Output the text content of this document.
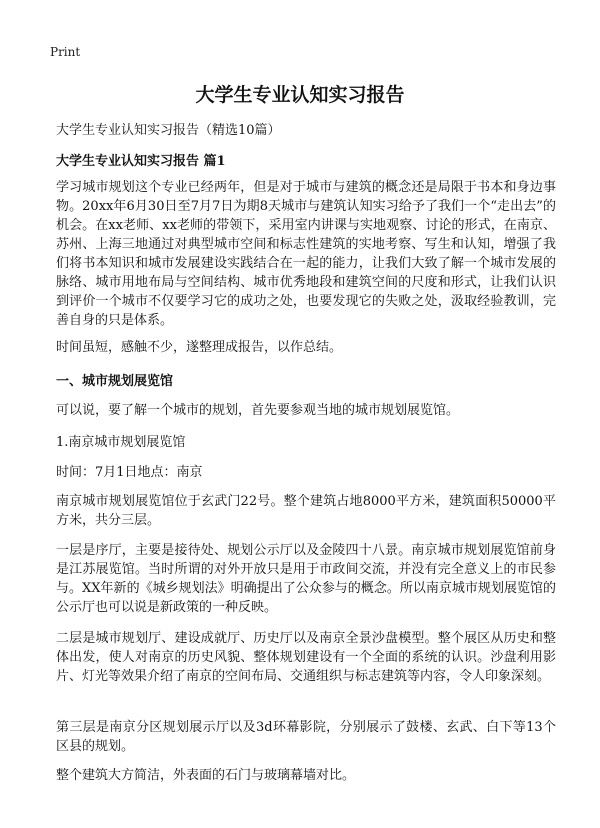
Print
大学生专业认知实习报告

大学生专业认知实习报告（精选10篇）

大学生专业认知实习报告 篇1

学习城市规划这个专业已经两年，但是对于城市与建筑的概念还是局限于书本和身边事物。20xx年6月30日至7月7日为期8天城市与建筑认知实习给予了我们一个“走出去”的机会。在xx老师、xx老师的带领下，采用室内讲课与实地观察、讨论的形式，在南京、苏州、上海三地通过对典型城市空间和标志性建筑的实地考察、写生和认知，增强了我们将书本知识和城市发展建设实践结合在一起的能力，让我们大致了解一个城市发展的脉络、城市用地布局与空间结构、城市优秀地段和建筑空间的尺度和形式，让我们认识到评价一个城市不仅要学习它的成功之处，也要发现它的失败之处，汲取经验教训，完善自身的只是体系。

时间虽短，感触不少，遂整理成报告，以作总结。

一、城市规划展览馆

可以说，要了解一个城市的规划，首先要参观当地的城市规划展览馆。

1.南京城市规划展览馆

时间：7月1日地点：南京

南京城市规划展览馆位于玄武门22号。整个建筑占地8000平方米，建筑面积50000平方米，共分三层。

一层是序厅，主要是接待处、规划公示厅以及金陵四十八景。南京城市规划展览馆前身是江苏展览馆。当时所谓的对外开放只是用于市政间交流，并没有完全意义上的市民参与。XX年新的《城乡规划法》明确提出了公众参与的概念。所以南京城市规划展览馆的公示厅也可以说是新政策的一种反映。

二层是城市规划厅、建设成就厅、历史厅以及南京全景沙盘模型。整个展区从历史和整体出发，使人对南京的历史风貌、整体规划建设有一个全面的系统的认识。沙盘利用影片、灯光等效果介绍了南京的空间布局、交通组织与标志建筑等内容，令人印象深刻。

第三层是南京分区规划展示厅以及3d环幕影院，分别展示了鼓楼、玄武、白下等13个区县的规划。

整个建筑大方简洁，外表面的石门与玻璃幕墙对比。
